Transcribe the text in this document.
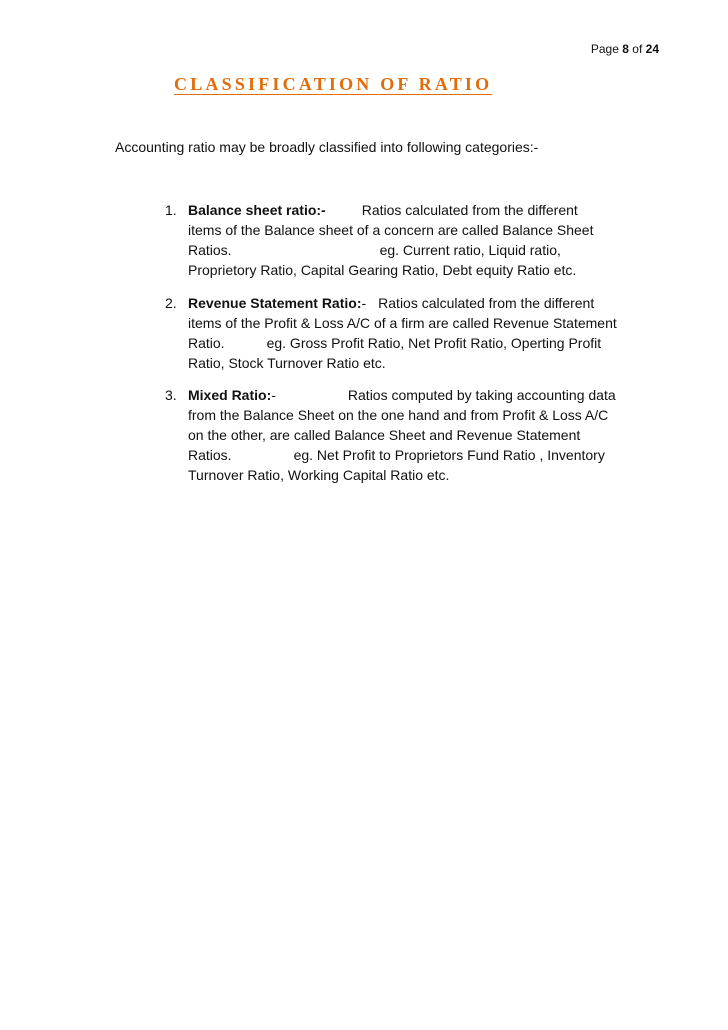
Page 8 of 24
CLASSIFICATION OF RATIO
Accounting ratio may be broadly classified into following categories:-
1. Balance sheet ratio:-	Ratios calculated from the different
items of the Balance sheet of a concern are called Balance Sheet
Ratios.	eg. Current ratio, Liquid ratio,
Proprietory Ratio, Capital Gearing Ratio, Debt equity Ratio etc.
2. Revenue Statement Ratio:- Ratios calculated from the different
items of the Profit & Loss A/C of a firm are called Revenue Statement
Ratio.	eg. Gross Profit Ratio, Net Profit Ratio, Operting Profit
Ratio, Stock Turnover Ratio etc.
3. Mixed Ratio:-	Ratios computed by taking accounting data
from the Balance Sheet on the one hand and from Profit & Loss A/C
on the other, are called Balance Sheet and Revenue Statement
Ratios.	eg. Net Profit to Proprietors Fund Ratio , Inventory
Turnover Ratio, Working Capital Ratio etc.
